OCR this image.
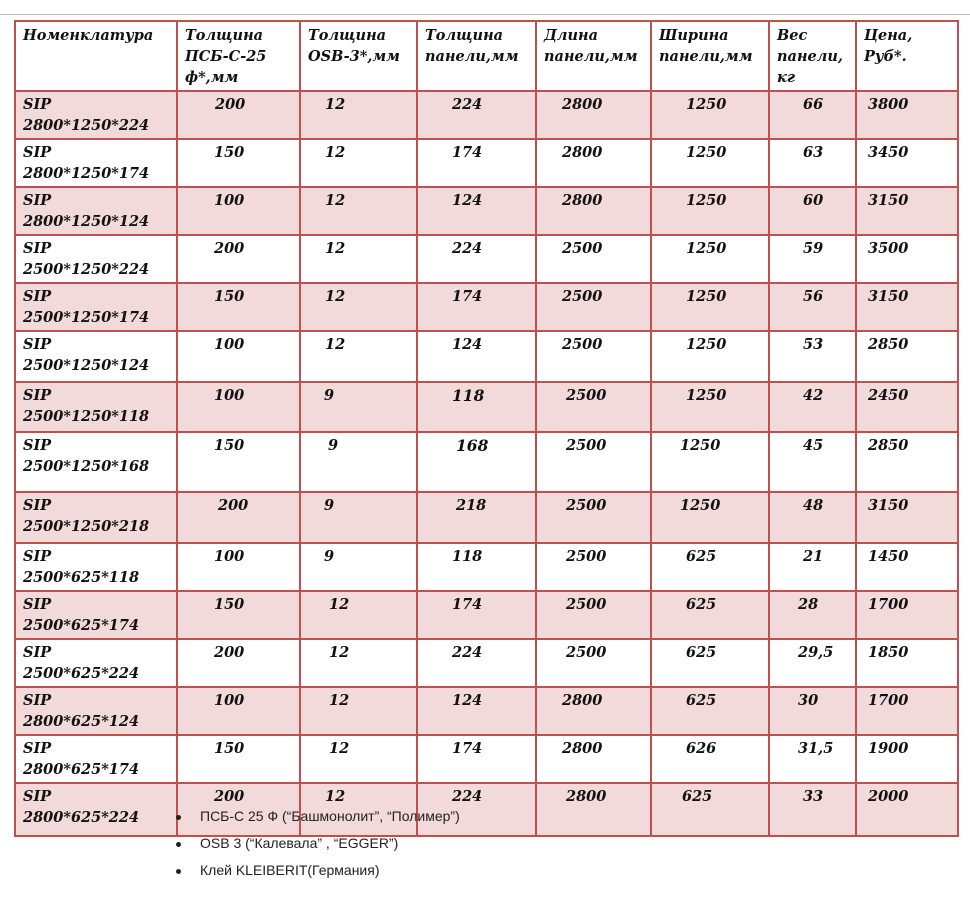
Номенклатура	Толщина ПСБ-С-25 ф*,мм	Толщина OSB-3*,мм	Толщина панели,мм	Длина панели,мм	Ширина панели,мм	Вес панели, кг	Цена, Руб*.
SIP 2800*1250*224	200	12	224	2800	1250	66	3800
SIP 2800*1250*174	150	12	174	2800	1250	63	3450
SIP 2800*1250*124	100	12	124	2800	1250	60	3150
SIP 2500*1250*224	200	12	224	2500	1250	59	3500
SIP 2500*1250*174	150	12	174	2500	1250	56	3150
SIP 2500*1250*124	100	12	124	2500	1250	53	2850
SIP 2500*1250*118	100	9	118	2500	1250	42	2450
SIP 2500*1250*168	150	9	168	2500	1250	45	2850
SIP 2500*1250*218	200	9	218	2500	1250	48	3150
SIP 2500*625*118	100	9	118	2500	625	21	1450
SIP 2500*625*174	150	12	174	2500	625	28	1700
SIP 2500*625*224	200	12	224	2500	625	29,5	1850
SIP 2800*625*124	100	12	124	2800	625	30	1700
SIP 2800*625*174	150	12	174	2800	626	31,5	1900
SIP 2800*625*224	200	12	224	2800	625	33	2000
ПСБ-С 25 Ф (“Башмонолит”, “Полимер”)
OSB 3 (“Калевала” , “EGGER”)
Клей KLEIBERIT(Германия)
